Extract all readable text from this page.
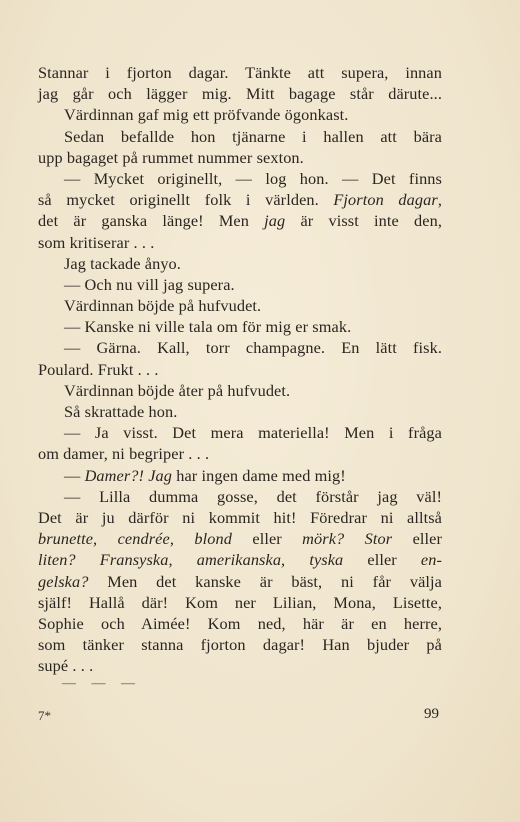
Stannar i fjorton dagar. Tänkte att supera, innan
jag går och lägger mig. Mitt bagage står därute...
Värdinnan gaf mig ett pröfvande ögonkast.
Sedan befallde hon tjänarne i hallen att bära
upp bagaget på rummet nummer sexton.
— Mycket originellt, — log hon. — Det finns
så mycket originellt folk i världen. Fjorton dagar,
det är ganska länge! Men jag är visst inte den,
som kritiserar . . .
Jag tackade ånyo.
— Och nu vill jag supera.
Värdinnan böjde på hufvudet.
— Kanske ni ville tala om för mig er smak.
— Gärna. Kall, torr champagne. En lätt fisk.
Poulard. Frukt . . .
Värdinnan böjde åter på hufvudet.
Så skrattade hon.
— Ja visst. Det mera materiella! Men i fråga
om damer, ni begriper . . .
— Damer?! Jag har ingen dame med mig!
— Lilla dumma gosse, det förstår jag väl!
Det är ju därför ni kommit hit! Föredrar ni alltså
brunette, cendrée, blond eller mörk? Stor eller
liten? Fransyska, amerikanska, tyska eller en-
gelska? Men det kanske är bäst, ni får välja
själf! Hallå där! Kom ner Lilian, Mona, Lisette,
Sophie och Aimée! Kom ned, här är en herre,
som tänker stanna fjorton dagar! Han bjuder på
supé . . .
— — —
7*	99
